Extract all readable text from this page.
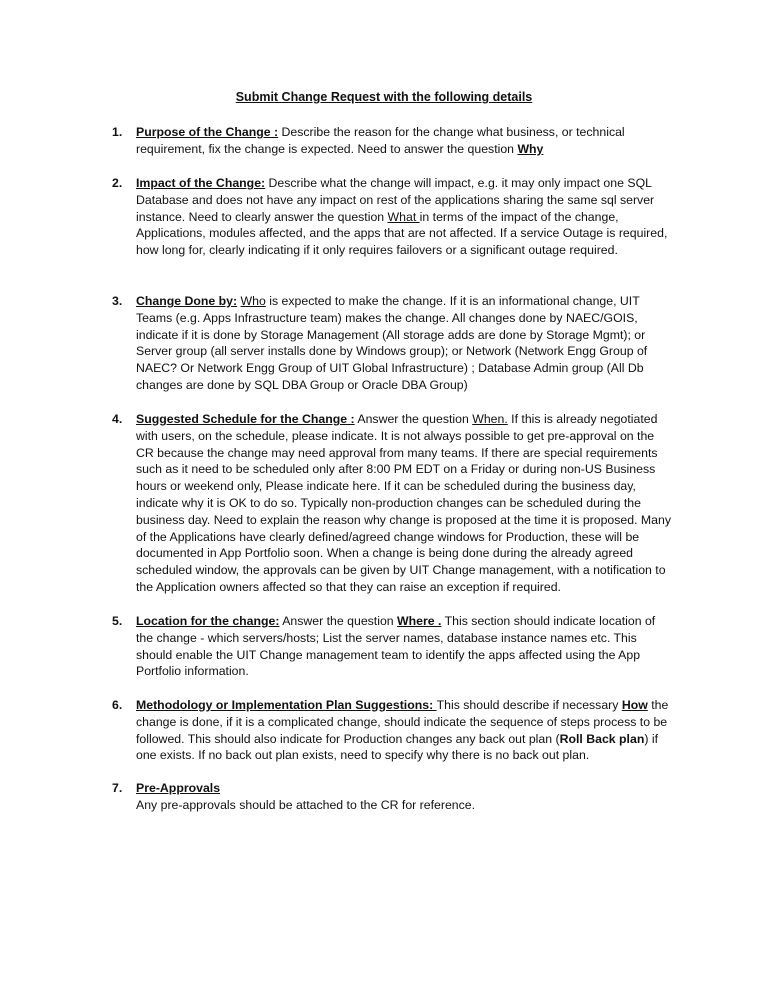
Submit Change Request with the following details
1. Purpose of the Change : Describe the reason for the change what business, or technical requirement, fix the change is expected. Need to answer the question Why
2. Impact of the Change: Describe what the change will impact, e.g. it may only impact one SQL Database and does not have any impact on rest of the applications sharing the same sql server instance. Need to clearly answer the question What in terms of the impact of the change, Applications, modules affected, and the apps that are not affected. If a service Outage is required, how long for, clearly indicating if it only requires failovers or a significant outage required.
3. Change Done by: Who is expected to make the change. If it is an informational change, UIT Teams (e.g. Apps Infrastructure team) makes the change. All changes done by NAEC/GOIS, indicate if it is done by Storage Management (All storage adds are done by Storage Mgmt); or Server group (all server installs done by Windows group); or Network (Network Engg Group of NAEC? Or Network Engg Group of UIT Global Infrastructure) ; Database Admin group (All Db changes are done by SQL DBA Group or Oracle DBA Group)
4. Suggested Schedule for the Change : Answer the question When. If this is already negotiated with users, on the schedule, please indicate. It is not always possible to get pre-approval on the CR because the change may need approval from many teams. If there are special requirements such as it need to be scheduled only after 8:00 PM EDT on a Friday or during non-US Business hours or weekend only, Please indicate here. If it can be scheduled during the business day, indicate why it is OK to do so. Typically non-production changes can be scheduled during the business day. Need to explain the reason why change is proposed at the time it is proposed. Many of the Applications have clearly defined/agreed change windows for Production, these will be documented in App Portfolio soon. When a change is being done during the already agreed scheduled window, the approvals can be given by UIT Change management, with a notification to the Application owners affected so that they can raise an exception if required.
5. Location for the change: Answer the question Where . This section should indicate location of the change - which servers/hosts; List the server names, database instance names etc. This should enable the UIT Change management team to identify the apps affected using the App Portfolio information.
6. Methodology or Implementation Plan Suggestions: This should describe if necessary How the change is done, if it is a complicated change, should indicate the sequence of steps process to be followed. This should also indicate for Production changes any back out plan (Roll Back plan) if one exists. If no back out plan exists, need to specify why there is no back out plan.
7. Pre-Approvals
Any pre-approvals should be attached to the CR for reference.
